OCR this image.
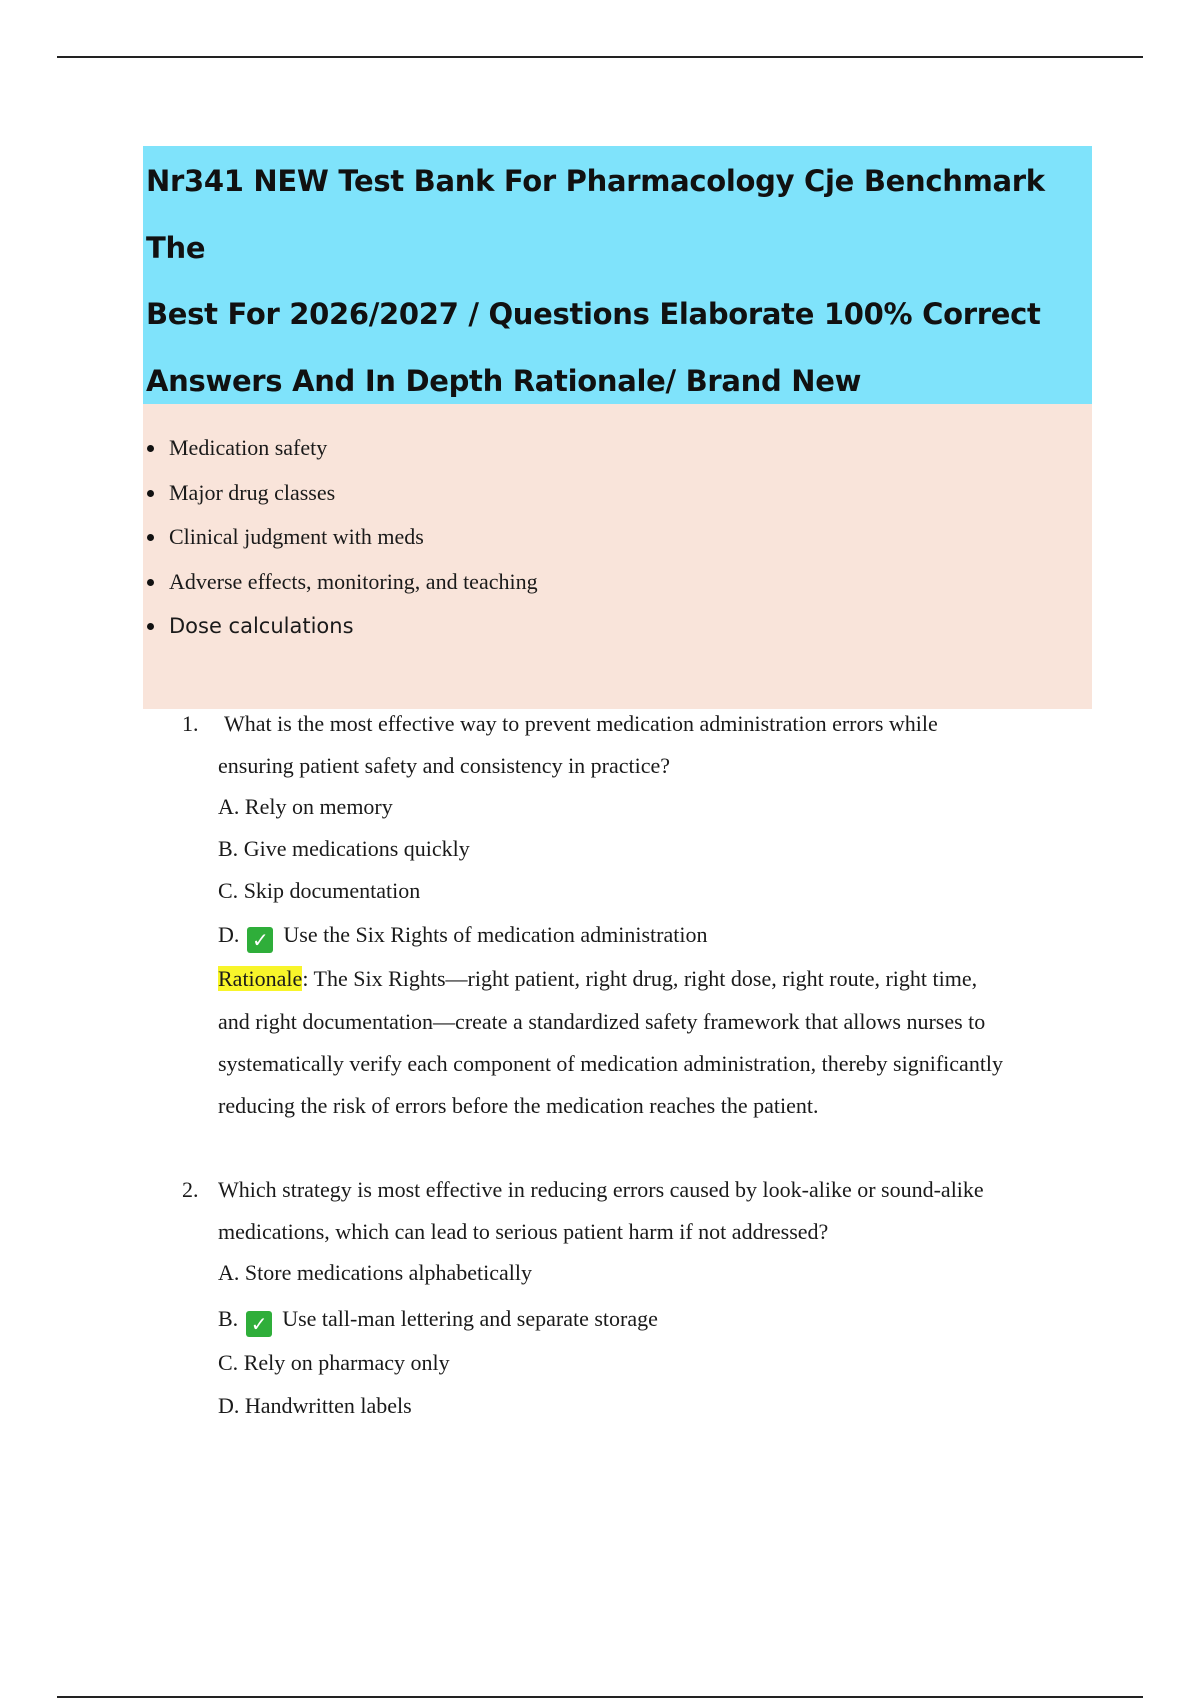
Nr341 NEW Test Bank For Pharmacology Cje Benchmark The
Best For 2026/2027 / Questions Elaborate 100% Correct
Answers And In Depth Rationale/ Brand New
Medication safety
Major drug classes
Clinical judgment with meds
Adverse effects, monitoring, and teaching
Dose calculations
1. What is the most effective way to prevent medication administration errors while
ensuring patient safety and consistency in practice?
A. Rely on memory
B. Give medications quickly
C. Skip documentation
D. ✓ Use the Six Rights of medication administration
Rationale: The Six Rights—right patient, right drug, right dose, right route, right time,
and right documentation—create a standardized safety framework that allows nurses to
systematically verify each component of medication administration, thereby significantly
reducing the risk of errors before the medication reaches the patient.
2. Which strategy is most effective in reducing errors caused by look-alike or sound-alike
medications, which can lead to serious patient harm if not addressed?
A. Store medications alphabetically
B. ✓ Use tall-man lettering and separate storage
C. Rely on pharmacy only
D. Handwritten labels
